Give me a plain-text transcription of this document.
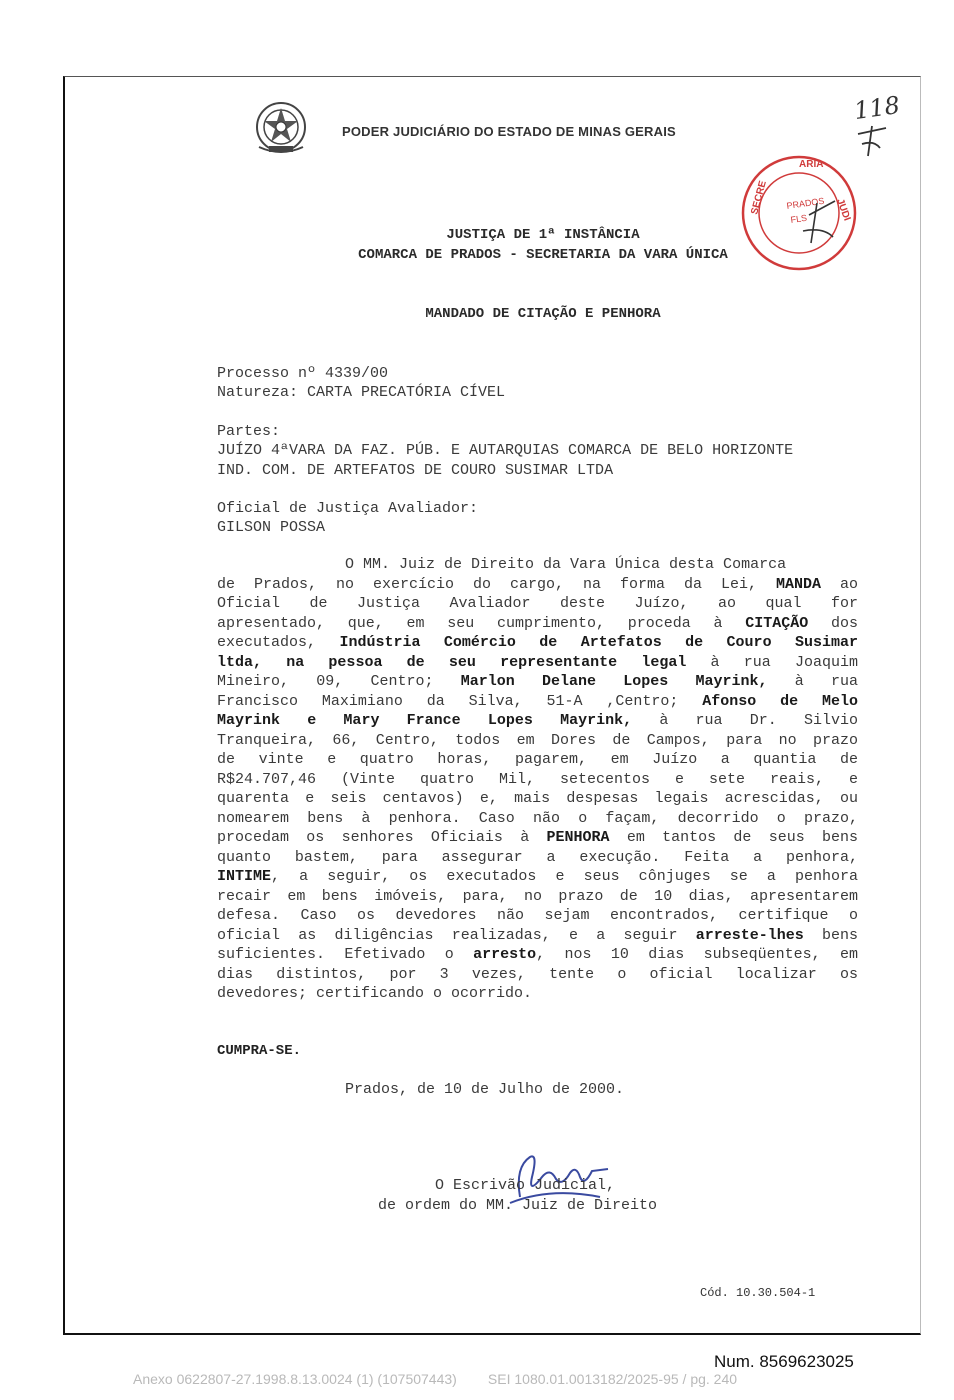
PODER JUDICIÁRIO DO ESTADO DE MINAS GERAIS
118
SECRE
ARIA
JUDI
PRADOS
FLS
JUSTIÇA DE 1ª INSTÂNCIA
COMARCA DE PRADOS - SECRETARIA DA VARA ÚNICA
MANDADO DE CITAÇÃO E PENHORA
Processo nº 4339/00
Natureza: CARTA PRECATÓRIA CÍVEL
Partes:
JUÍZO 4ªVARA DA FAZ. PÚB. E AUTARQUIAS COMARCA DE BELO HORIZONTE
IND. COM. DE ARTEFATOS DE COURO SUSIMAR LTDA
Oficial de Justiça Avaliador:
GILSON POSSA
O MM. Juiz de Direito da Vara Única desta Comarca
de Prados, no exercício do cargo, na forma da Lei, MANDA ao
Oficial de Justiça Avaliador deste Juízo, ao qual for
apresentado, que, em seu cumprimento, proceda à CITAÇÃO dos
executados, Indústria Comércio de Artefatos de Couro Susimar
ltda, na pessoa de seu representante legal à rua Joaquim
Mineiro, 09, Centro; Marlon Delane Lopes Mayrink, à rua
Francisco Maximiano da Silva, 51-A ,Centro; Afonso de Melo
Mayrink e Mary France Lopes Mayrink, à rua Dr. Silvio
Tranqueira, 66, Centro, todos em Dores de Campos, para no prazo
de vinte e quatro horas, pagarem, em Juízo a quantia de
R$24.707,46 (Vinte quatro Mil, setecentos e sete reais, e
quarenta e seis centavos) e, mais despesas legais acrescidas, ou
nomearem bens à penhora. Caso não o façam, decorrido o prazo,
procedam os senhores Oficiais à PENHORA em tantos de seus bens
quanto bastem, para assegurar a execução. Feita a penhora,
INTIME, a seguir, os executados e seus cônjuges se a penhora
recair em bens imóveis, para, no prazo de 10 dias, apresentarem
defesa. Caso os devedores não sejam encontrados, certifique o
oficial as diligências realizadas, e a seguir arreste-lhes bens
suficientes. Efetivado o arresto, nos 10 dias subseqüentes, em
dias distintos, por 3 vezes, tente o oficial localizar os
devedores; certificando o ocorrido.
CUMPRA-SE.
Prados, de 10 de Julho de 2000.
O Escrivão Judicial,
de ordem do MM. Juiz de Direito
Cód. 10.30.504-1
Num. 8569623025
Anexo 0622807-27.1998.8.13.0024 (1) (107507443)        SEI 1080.01.0013182/2025-95 / pg. 240
